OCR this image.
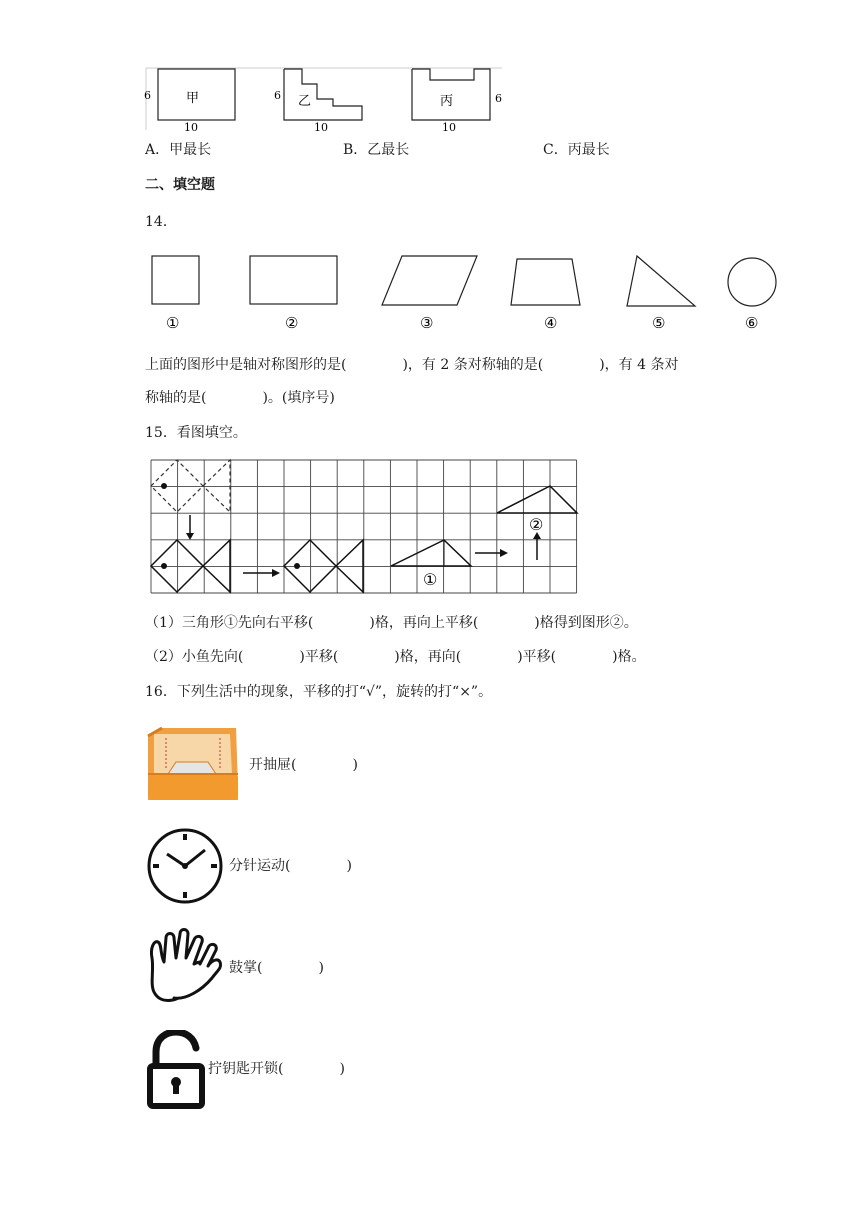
甲
6
10
乙
6
10
丙	6
10
A．甲最长	B．乙最长	C．丙最长
二、填空题
14．
①	②	③	④	⑤	⑥
上面的图形中是轴对称图形的是(　　　　)，有 2 条对称轴的是(　　　　)，有 4 条对
称轴的是(　　　　)。(填序号)
15．看图填空。
①
②
（1）三角形①先向右平移(　　　　)格，再向上平移(　　　　)格得到图形②。
（2）小鱼先向(　　　　)平移(　　　　)格，再向(　　　　)平移(　　　　)格。
16．下列生活中的现象，平移的打“√”，旋转的打“×”。
开抽屉(　　　　)
分针运动(　　　　)
鼓掌(　　　　)
拧钥匙开锁(　　　　)
